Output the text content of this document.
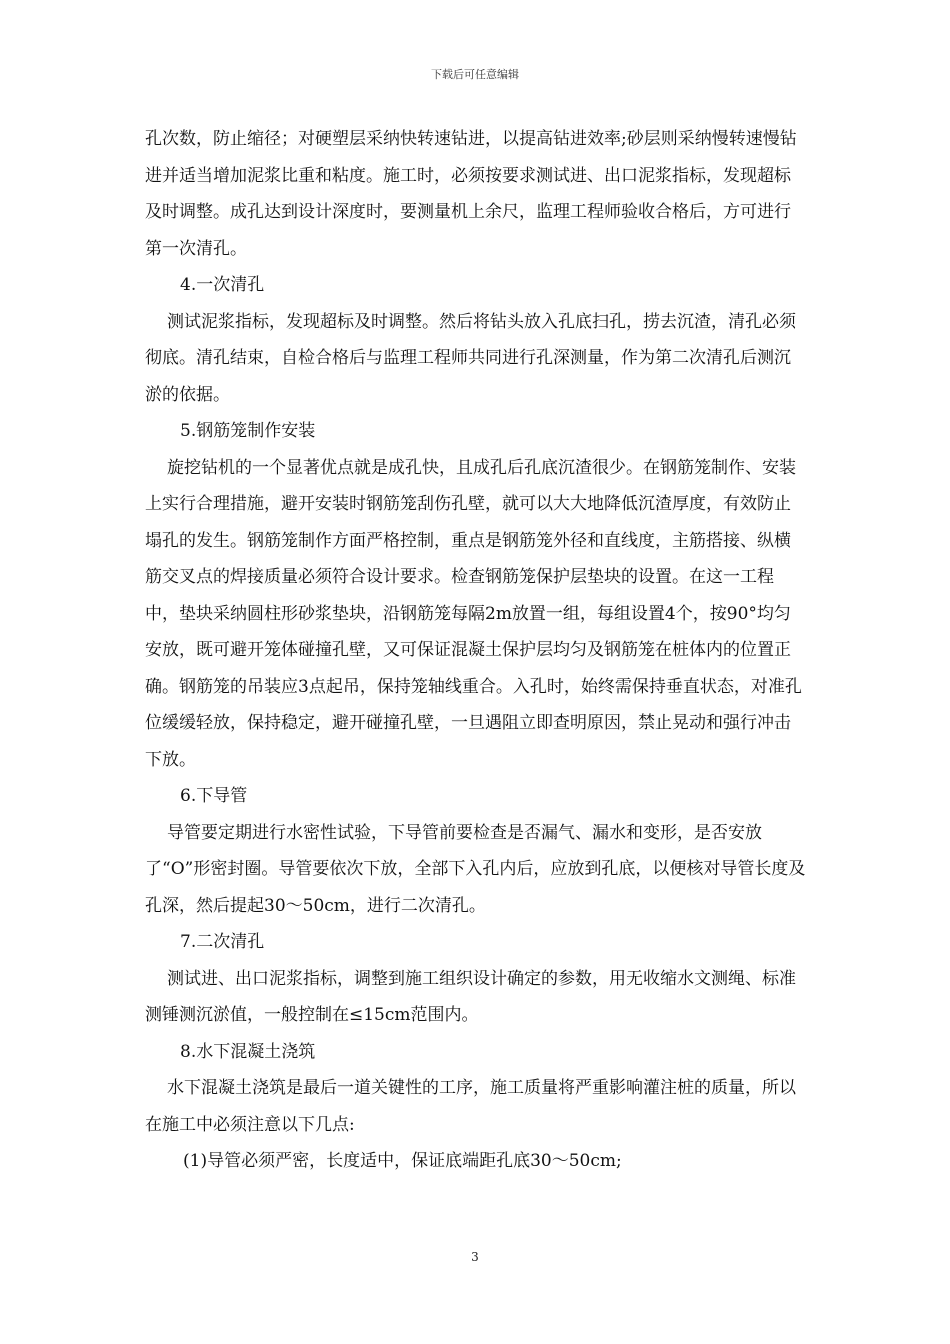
下载后可任意编辑

孔次数，防止缩径；对硬塑层采纳快转速钻进，以提高钻进效率;砂层则采纳慢转速慢钻进并适当增加泥浆比重和粘度。施工时，必须按要求测试进、出口泥浆指标，发现超标及时调整。成孔达到设计深度时，要测量机上余尺，监理工程师验收合格后，方可进行第一次清孔。

4.一次清孔

测试泥浆指标，发现超标及时调整。然后将钻头放入孔底扫孔，捞去沉渣，清孔必须彻底。清孔结束，自检合格后与监理工程师共同进行孔深测量，作为第二次清孔后测沉淤的依据。

5.钢筋笼制作安装

旋挖钻机的一个显著优点就是成孔快，且成孔后孔底沉渣很少。在钢筋笼制作、安装上实行合理措施，避开安装时钢筋笼刮伤孔壁，就可以大大地降低沉渣厚度，有效防止塌孔的发生。钢筋笼制作方面严格控制，重点是钢筋笼外径和直线度，主筋搭接、纵横筋交叉点的焊接质量必须符合设计要求。检查钢筋笼保护层垫块的设置。在这一工程中，垫块采纳圆柱形砂浆垫块，沿钢筋笼每隔2m放置一组，每组设置4个，按90°均匀安放，既可避开笼体碰撞孔壁，又可保证混凝土保护层均匀及钢筋笼在桩体内的位置正确。钢筋笼的吊装应3点起吊，保持笼轴线重合。入孔时，始终需保持垂直状态，对准孔位缓缓轻放，保持稳定，避开碰撞孔壁，一旦遇阻立即查明原因，禁止晃动和强行冲击下放。

6.下导管

导管要定期进行水密性试验，下导管前要检查是否漏气、漏水和变形，是否安放了“O”形密封圈。导管要依次下放，全部下入孔内后，应放到孔底，以便核对导管长度及孔深，然后提起30～50cm，进行二次清孔。

7.二次清孔

测试进、出口泥浆指标，调整到施工组织设计确定的参数，用无收缩水文测绳、标准测锤测沉淤值，一般控制在≤15cm范围内。

8.水下混凝土浇筑

水下混凝土浇筑是最后一道关键性的工序，施工质量将严重影响灌注桩的质量，所以在施工中必须注意以下几点:

(1)导管必须严密，长度适中，保证底端距孔底30～50cm;

3
